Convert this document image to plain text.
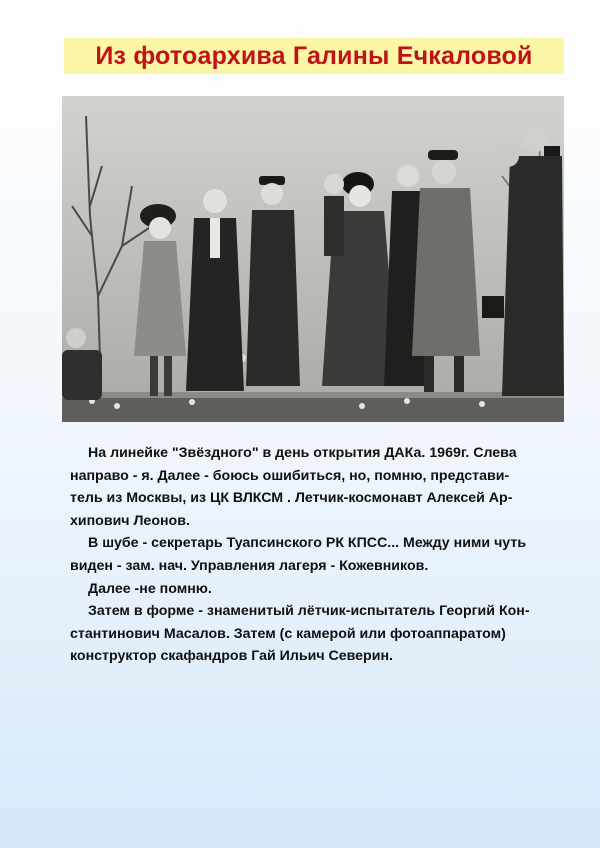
Из фотоархива Галины Ечкаловой
На линейке "Звёздного" в день открытия ДАКа. 1969г. Слева
направо - я. Далее - боюсь ошибиться, но, помню, представи-
тель из Москвы, из ЦК ВЛКСМ . Летчик-космонавт Алексей Ар-
хипович Леонов.
В шубе - секретарь Туапсинского РК КПСС... Между ними чуть
виден - зам. нач. Управления лагеря - Кожевников.
Далее -не помню.
Затем в форме - знаменитый лётчик-испытатель Георгий Кон-
стантинович Масалов. Затем (с камерой или фотоаппаратом)
конструктор скафандров Гай Ильич Северин.
